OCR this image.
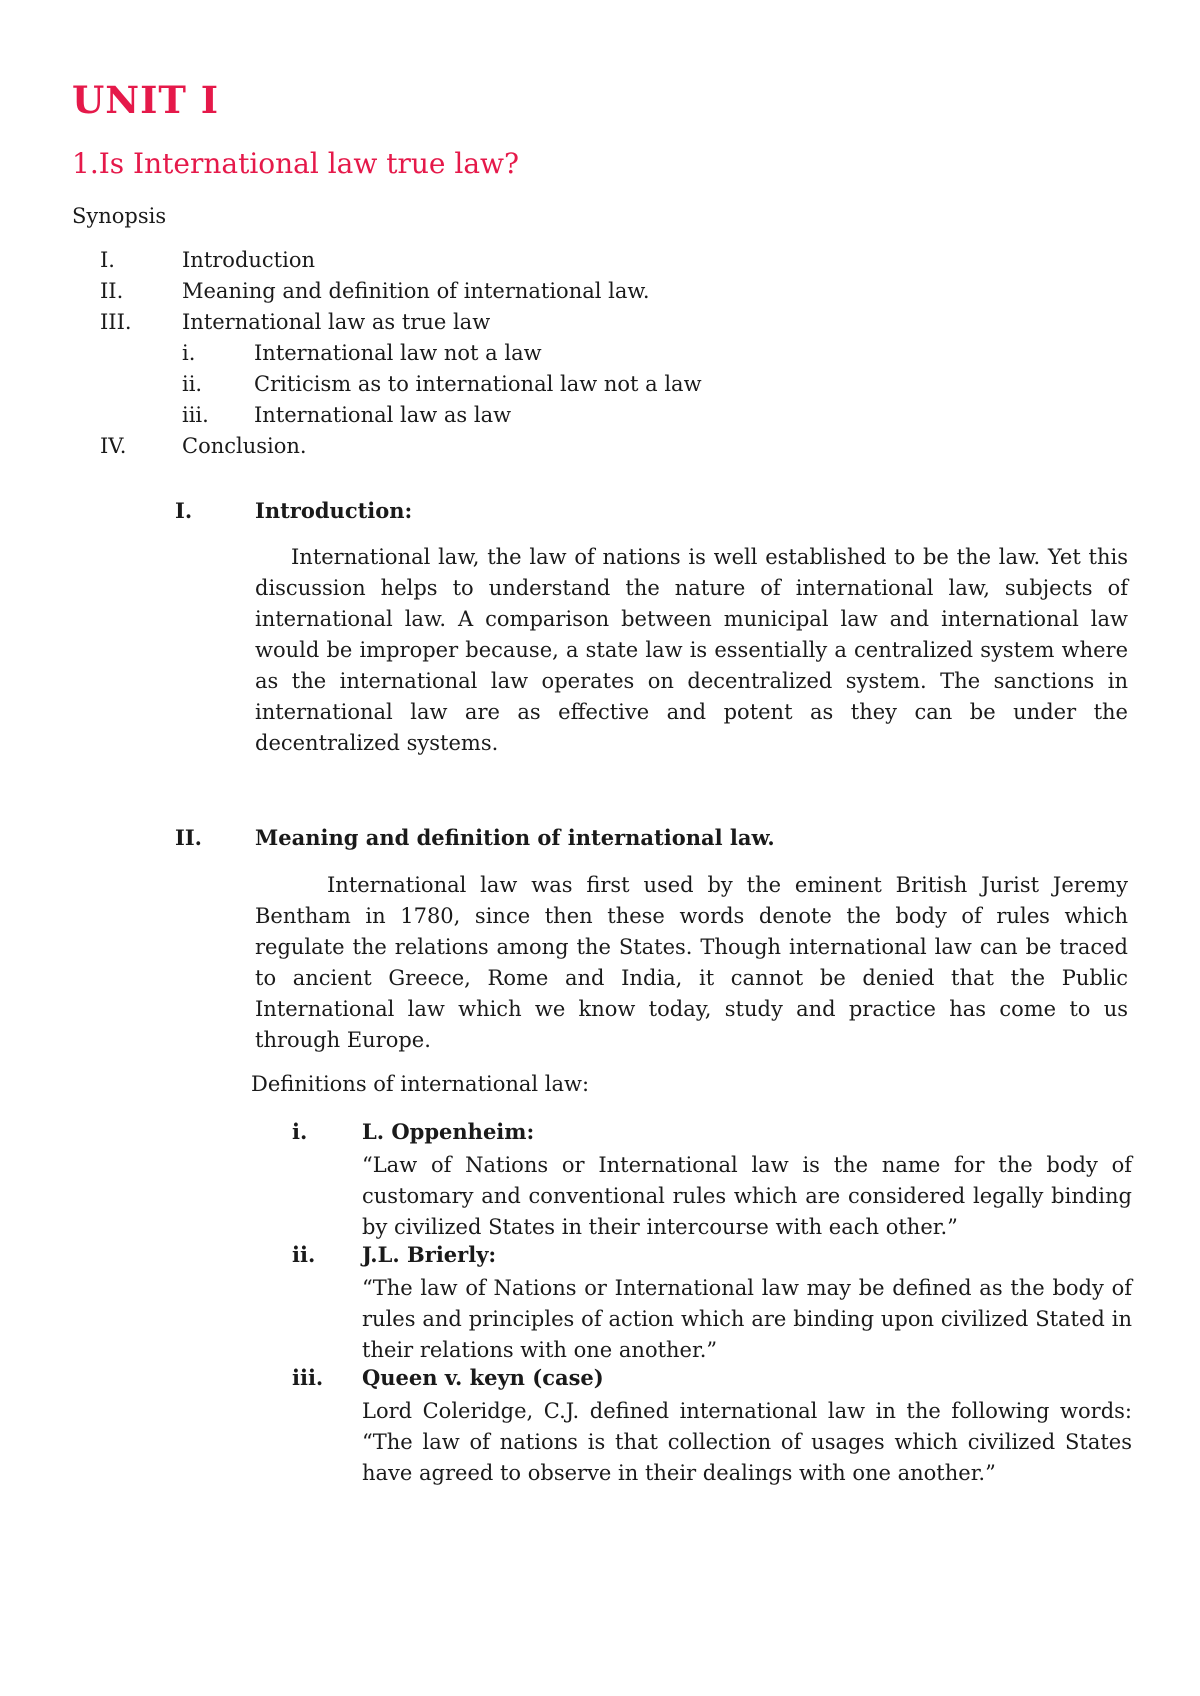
UNIT I
1.Is International law true law?

Synopsis

I.	Introduction
II.	Meaning and definition of international law.
III. International law as true law
i.	International law not a law
ii. Criticism as to international law not a law
iii. International law as law
IV.	Conclusion.
I.	Introduction:

International law, the law of nations is well established to be the law. Yet this discussion helps to understand the nature of international law, subjects of international law. A comparison between municipal law and international law would be improper because, a state law is essentially a centralized system where as the international law operates on decentralized system. The sanctions in international law are as effective and potent as they can be under the decentralized systems.

II.	Meaning and definition of international law.

International law was first used by the eminent British Jurist Jeremy Bentham in 1780, since then these words denote the body of rules which regulate the relations among the States. Though international law can be traced to ancient Greece, Rome and India, it cannot be denied that the Public International law which we know today, study and practice has come to us through Europe.

Definitions of international law:

i.	L. Oppenheim:

“Law of Nations or International law is the name for the body of customary and conventional rules which are considered legally binding by civilized States in their intercourse with each other.”

ii. J.L. Brierly:

“The law of Nations or International law may be defined as the body of rules and principles of action which are binding upon civilized Stated in their relations with one another.”

iii. Queen v. keyn (case)

Lord Coleridge, C.J. defined international law in the following words: “The law of nations is that collection of usages which civilized States have agreed to observe in their dealings with one another.”
